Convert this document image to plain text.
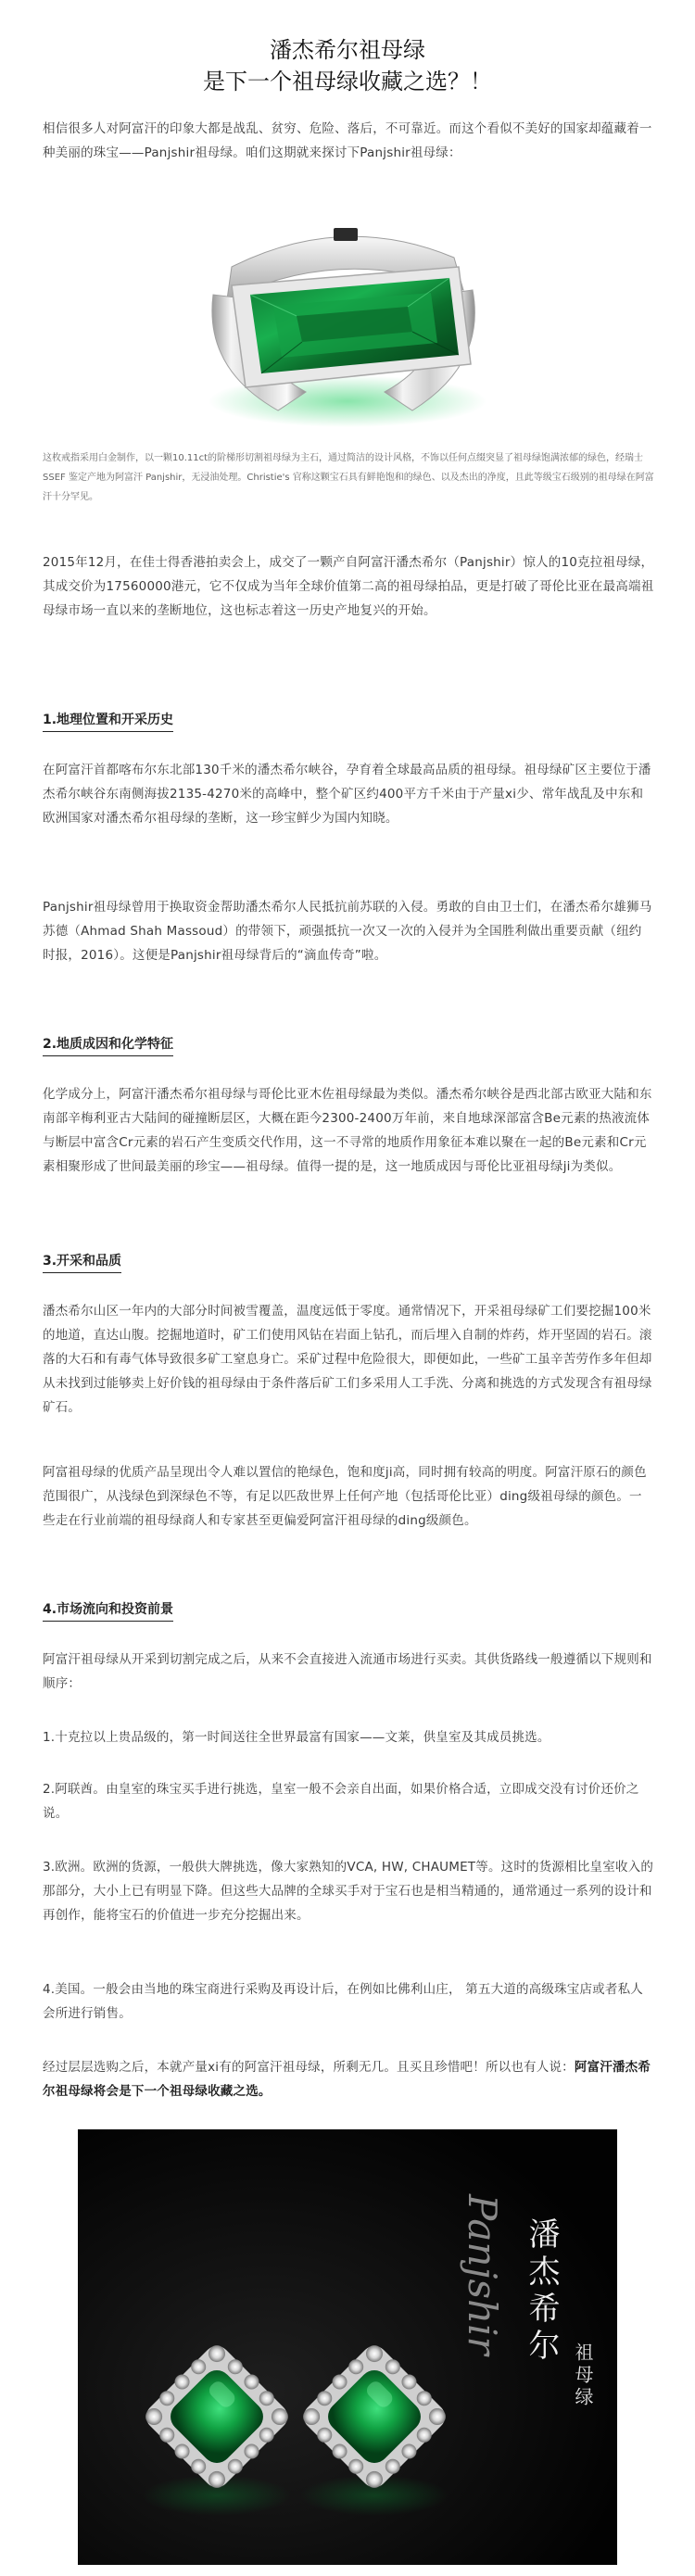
潘杰希尔祖母绿
是下一个祖母绿收藏之选？！
相信很多人对阿富汗的印象大都是战乱、贫穷、危险、落后，不可靠近。而这个看似不美好的国家却蕴藏着一种美丽的珠宝——Panjshir祖母绿。咱们这期就来探讨下Panjshir祖母绿：
这枚戒指采用白金制作，以一颗10.11ct的阶梯形切割祖母绿为主石，通过简洁的设计风格，不饰以任何点缀突显了祖母绿饱满浓郁的绿色，经瑞士 SSEF 鉴定产地为阿富汗 Panjshir，无浸油处理。Christie's 官称这颗宝石具有鲜艳饱和的绿色、以及杰出的净度，且此等级宝石级别的祖母绿在阿富汗十分罕见。
2015年12月，在佳士得香港拍卖会上，成交了一颗产自阿富汗潘杰希尔（Panjshir）惊人的10克拉祖母绿，其成交价为17560000港元，它不仅成为当年全球价值第二高的祖母绿拍品，更是打破了哥伦比亚在最高端祖母绿市场一直以来的垄断地位，这也标志着这一历史产地复兴的开始。
1.地理位置和开采历史
在阿富汗首都喀布尔东北部130千米的潘杰希尔峡谷，孕育着全球最高品质的祖母绿。祖母绿矿区主要位于潘杰希尔峡谷东南侧海拔2135-4270米的高峰中，整个矿区约400平方千米由于产量xi少、常年战乱及中东和欧洲国家对潘杰希尔祖母绿的垄断，这一珍宝鲜少为国内知晓。
Panjshir祖母绿曾用于换取资金帮助潘杰希尔人民抵抗前苏联的入侵。勇敢的自由卫士们，在潘杰希尔雄狮马苏德（Ahmad Shah Massoud）的带领下，顽强抵抗一次又一次的入侵并为全国胜利做出重要贡献（纽约时报，2016）。这便是Panjshir祖母绿背后的“滴血传奇”啦。
2.地质成因和化学特征
化学成分上，阿富汗潘杰希尔祖母绿与哥伦比亚木佐祖母绿最为类似。潘杰希尔峡谷是西北部古欧亚大陆和东南部辛梅利亚古大陆间的碰撞断层区，大概在距今2300-2400万年前，来自地球深部富含Be元素的热液流体与断层中富含Cr元素的岩石产生变质交代作用，这一不寻常的地质作用象征本难以聚在一起的Be元素和Cr元素相聚形成了世间最美丽的珍宝——祖母绿。值得一提的是，这一地质成因与哥伦比亚祖母绿ji为类似。
3.开采和品质
潘杰希尔山区一年内的大部分时间被雪覆盖，温度远低于零度。通常情况下，开采祖母绿矿工们要挖掘100米的地道，直达山腹。挖掘地道时，矿工们使用风钻在岩面上钻孔，而后埋入自制的炸药，炸开坚固的岩石。滚落的大石和有毒气体导致很多矿工窒息身亡。采矿过程中危险很大，即便如此，一些矿工虽辛苦劳作多年但却从未找到过能够卖上好价钱的祖母绿由于条件落后矿工们多采用人工手洗、分离和挑选的方式发现含有祖母绿矿石。
阿富祖母绿的优质产品呈现出令人难以置信的艳绿色，饱和度ji高，同时拥有较高的明度。阿富汗原石的颜色范围很广，从浅绿色到深绿色不等，有足以匹敌世界上任何产地（包括哥伦比亚）ding级祖母绿的颜色。一些走在行业前端的祖母绿商人和专家甚至更偏爱阿富汗祖母绿的ding级颜色。
4.市场流向和投资前景
阿富汗祖母绿从开采到切割完成之后，从来不会直接进入流通市场进行买卖。其供货路线一般遵循以下规则和顺序：
1.十克拉以上贵品级的，第一时间送往全世界最富有国家——文莱，供皇室及其成员挑选。
2.阿联酋。由皇室的珠宝买手进行挑选，皇室一般不会亲自出面，如果价格合适，立即成交没有讨价还价之说。
3.欧洲。欧洲的货源，一般供大牌挑选，像大家熟知的VCA, HW, CHAUMET等。这时的货源相比皇室收入的那部分，大小上已有明显下降。但这些大品牌的全球买手对于宝石也是相当精通的，通常通过一系列的设计和再创作，能将宝石的价值进一步充分挖掘出来。
4.美国。一般会由当地的珠宝商进行采购及再设计后，在例如比佛利山庄， 第五大道的高级珠宝店或者私人会所进行销售。
经过层层选购之后，本就产量xi有的阿富汗祖母绿，所剩无几。且买且珍惜吧！所以也有人说：阿富汗潘杰希尔祖母绿将会是下一个祖母绿收藏之选。
Panjshir 潘杰希尔
祖母绿
